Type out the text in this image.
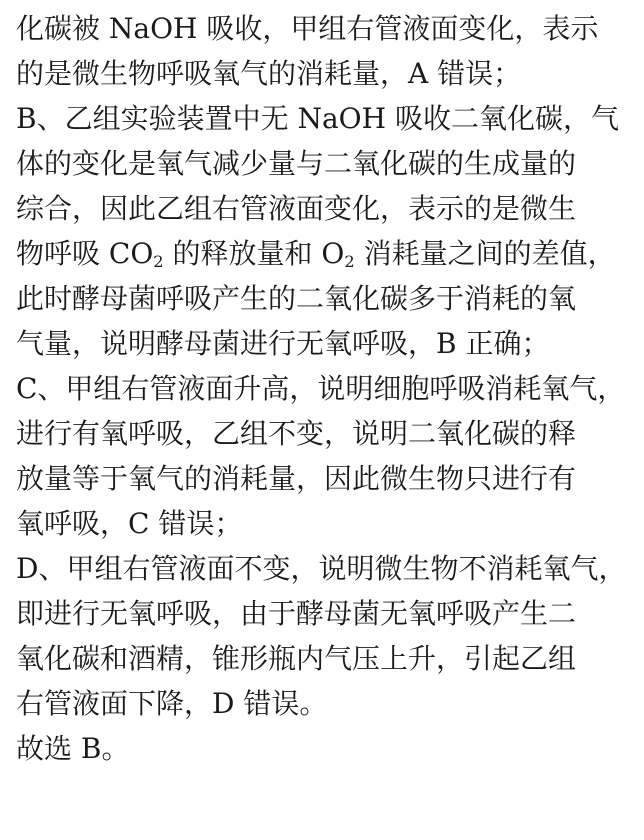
化碳被 NaOH 吸收，甲组右管液面变化，表示
的是微生物呼吸氧气的消耗量，A 错误；
B、乙组实验装置中无 NaOH 吸收二氧化碳，气
体的变化是氧气减少量与二氧化碳的生成量的
综合，因此乙组右管液面变化，表示的是微生
物呼吸 $CO_2$ 的释放量和 $O_2$ 消耗量之间的差值，
此时酵母菌呼吸产生的二氧化碳多于消耗的氧
气量，说明酵母菌进行无氧呼吸，B 正确；
C、甲组右管液面升高，说明细胞呼吸消耗氧气，
进行有氧呼吸，乙组不变，说明二氧化碳的释
放量等于氧气的消耗量，因此微生物只进行有
氧呼吸，C 错误；
D、甲组右管液面不变，说明微生物不消耗氧气，
即进行无氧呼吸，由于酵母菌无氧呼吸产生二
氧化碳和酒精，锥形瓶内气压上升，引起乙组
右管液面下降，D 错误。
故选 B。
